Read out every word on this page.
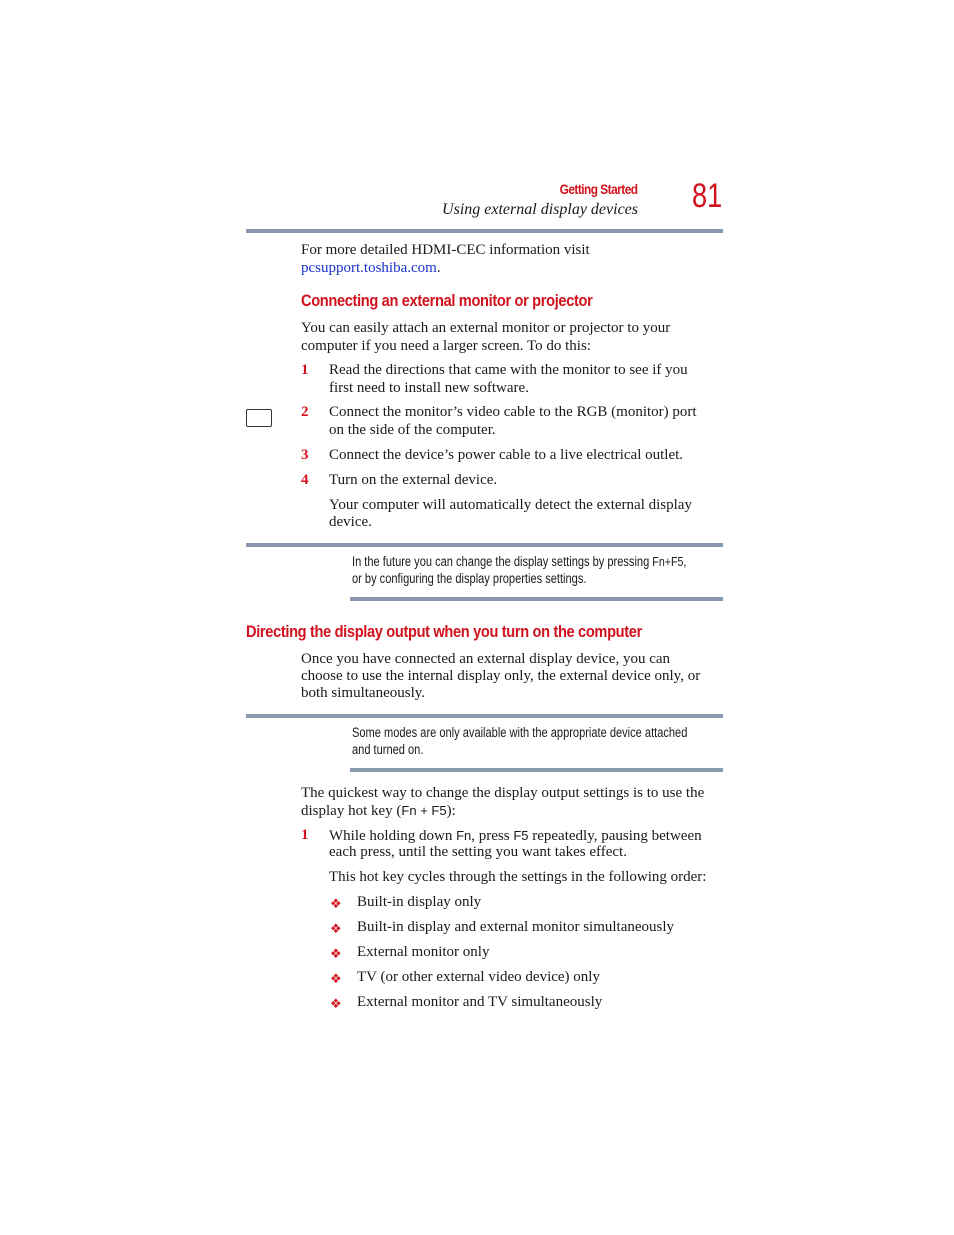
Getting Started
Using external display devices 81
For more detailed HDMI-CEC information visit
pcsupport.toshiba.com.
Connecting an external monitor or projector
You can easily attach an external monitor or projector to your
computer if you need a larger screen. To do this:
1	Read the directions that came with the monitor to see if you
first need to install new software.
2	Connect the monitor’s video cable to the RGB (monitor) port
on the side of the computer.
3	Connect the device’s power cable to a live electrical outlet.
4	Turn on the external device.
Your computer will automatically detect the external display
device.
In the future you can change the display settings by pressing Fn+F5,
or by configuring the display properties settings.
Directing the display output when you turn on the computer
Once you have connected an external display device, you can
choose to use the internal display only, the external device only, or
both simultaneously.
Some modes are only available with the appropriate device attached
and turned on.
The quickest way to change the display output settings is to use the
display hot key (Fn + F5):
1	While holding down Fn, press F5 repeatedly, pausing between
each press, until the setting you want takes effect.
This hot key cycles through the settings in the following order:
❖ Built-in display only
❖ Built-in display and external monitor simultaneously
❖ External monitor only
❖ TV (or other external video device) only
❖ External monitor and TV simultaneously
